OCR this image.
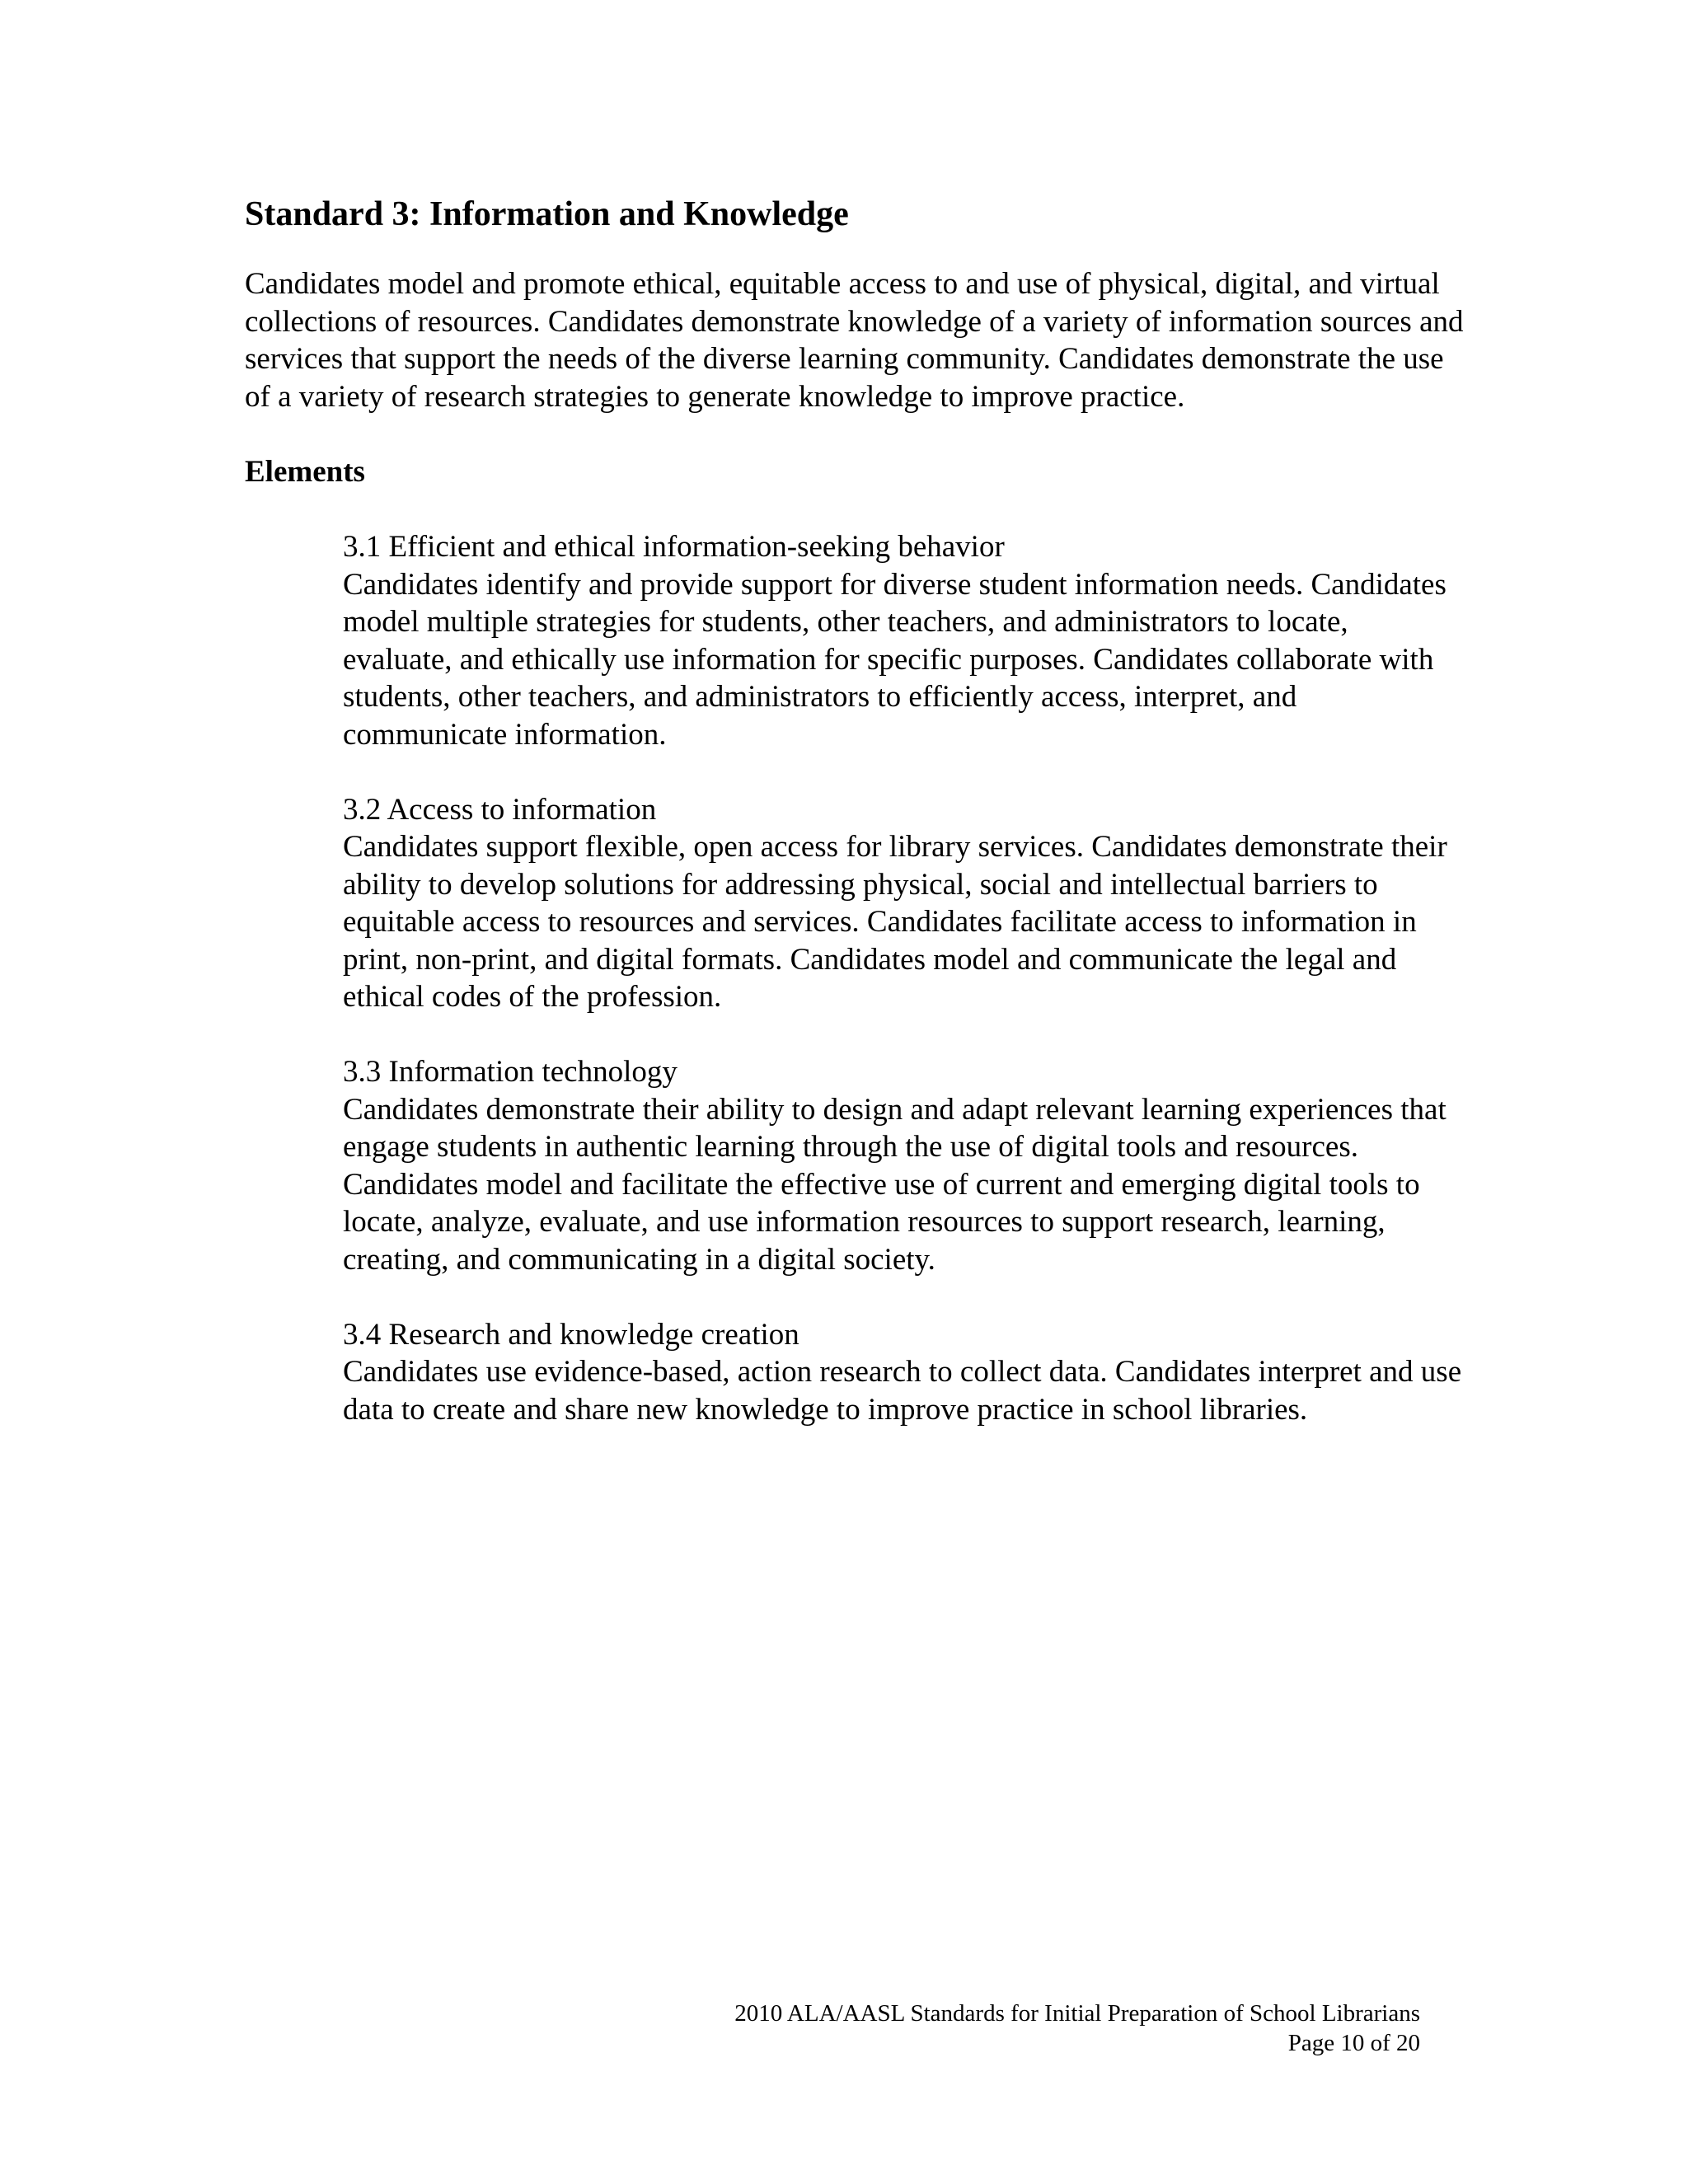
Standard 3: Information and Knowledge

Candidates model and promote ethical, equitable access to and use of physical, digital, and virtual collections of resources. Candidates demonstrate knowledge of a variety of information sources and services that support the needs of the diverse learning community. Candidates demonstrate the use of a variety of research strategies to generate knowledge to improve practice.

Elements
3.1 Efficient and ethical information-seeking behavior
Candidates identify and provide support for diverse student information needs. Candidates model multiple strategies for students, other teachers, and administrators to locate, evaluate, and ethically use information for specific purposes. Candidates collaborate with students, other teachers, and administrators to efficiently access, interpret, and communicate information.
3.2 Access to information
Candidates support flexible, open access for library services. Candidates demonstrate their ability to develop solutions for addressing physical, social and intellectual barriers to equitable access to resources and services. Candidates facilitate access to information in print, non-print, and digital formats. Candidates model and communicate the legal and ethical codes of the profession.
3.3 Information technology
Candidates demonstrate their ability to design and adapt relevant learning experiences that engage students in authentic learning through the use of digital tools and resources. Candidates model and facilitate the effective use of current and emerging digital tools to locate, analyze, evaluate, and use information resources to support research, learning, creating, and communicating in a digital society.
3.4 Research and knowledge creation
Candidates use evidence-based, action research to collect data. Candidates interpret and use data to create and share new knowledge to improve practice in school libraries.
2010 ALA/AASL Standards for Initial Preparation of School Librarians
Page 10 of 20
